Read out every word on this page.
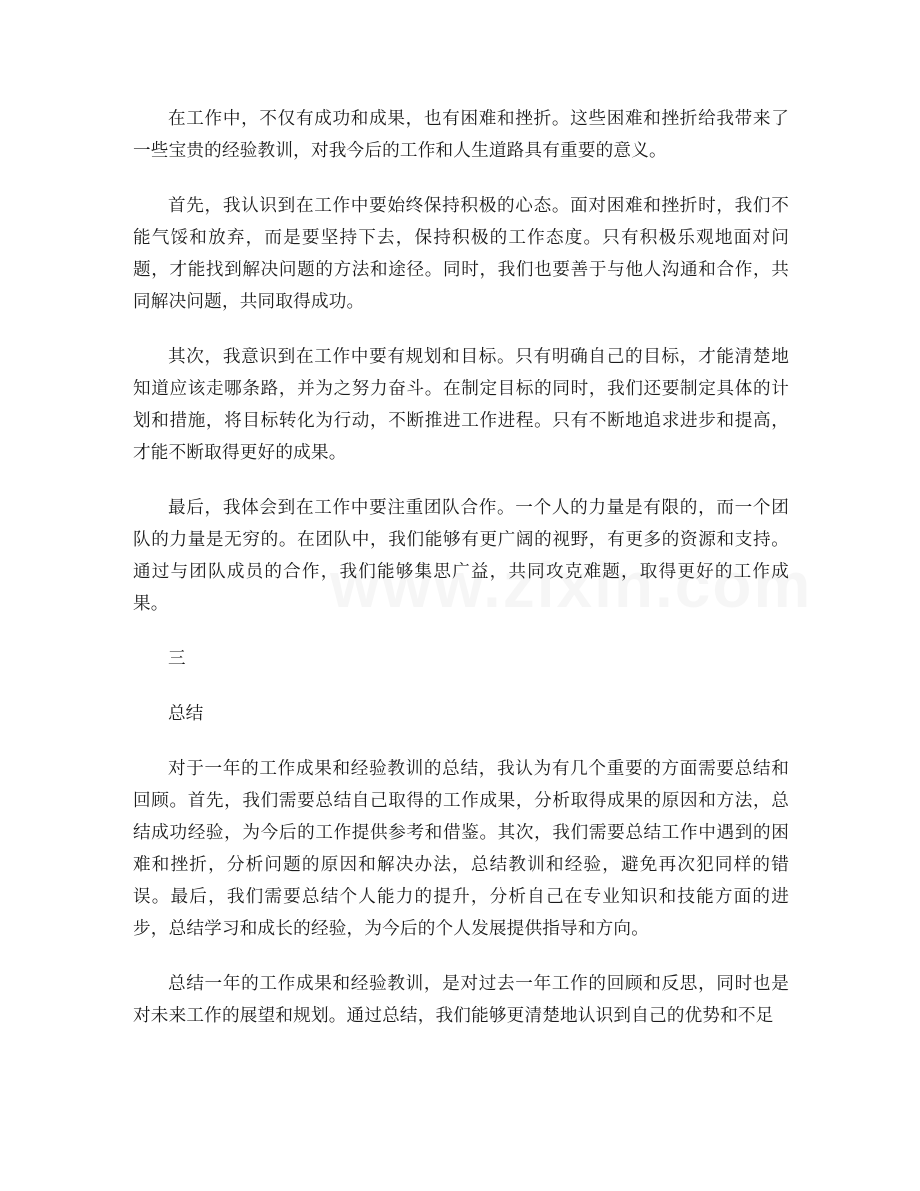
在工作中，不仅有成功和成果，也有困难和挫折。这些困难和挫折给我带来了一些宝贵的经验教训，对我今后的工作和人生道路具有重要的意义。

首先，我认识到在工作中要始终保持积极的心态。面对困难和挫折时，我们不能气馁和放弃，而是要坚持下去，保持积极的工作态度。只有积极乐观地面对问题，才能找到解决问题的方法和途径。同时，我们也要善于与他人沟通和合作，共同解决问题，共同取得成功。

其次，我意识到在工作中要有规划和目标。只有明确自己的目标，才能清楚地知道应该走哪条路，并为之努力奋斗。在制定目标的同时，我们还要制定具体的计划和措施，将目标转化为行动，不断推进工作进程。只有不断地追求进步和提高，才能不断取得更好的成果。

最后，我体会到在工作中要注重团队合作。一个人的力量是有限的，而一个团队的力量是无穷的。在团队中，我们能够有更广阔的视野，有更多的资源和支持。通过与团队成员的合作，我们能够集思广益，共同攻克难题，取得更好的工作成果。

三

总结

对于一年的工作成果和经验教训的总结，我认为有几个重要的方面需要总结和回顾。首先，我们需要总结自己取得的工作成果，分析取得成果的原因和方法，总结成功经验，为今后的工作提供参考和借鉴。其次，我们需要总结工作中遇到的困难和挫折，分析问题的原因和解决办法，总结教训和经验，避免再次犯同样的错误。最后，我们需要总结个人能力的提升，分析自己在专业知识和技能方面的进步，总结学习和成长的经验，为今后的个人发展提供指导和方向。

总结一年的工作成果和经验教训，是对过去一年工作的回顾和反思，同时也是对未来工作的展望和规划。通过总结，我们能够更清楚地认识到自己的优势和不足
